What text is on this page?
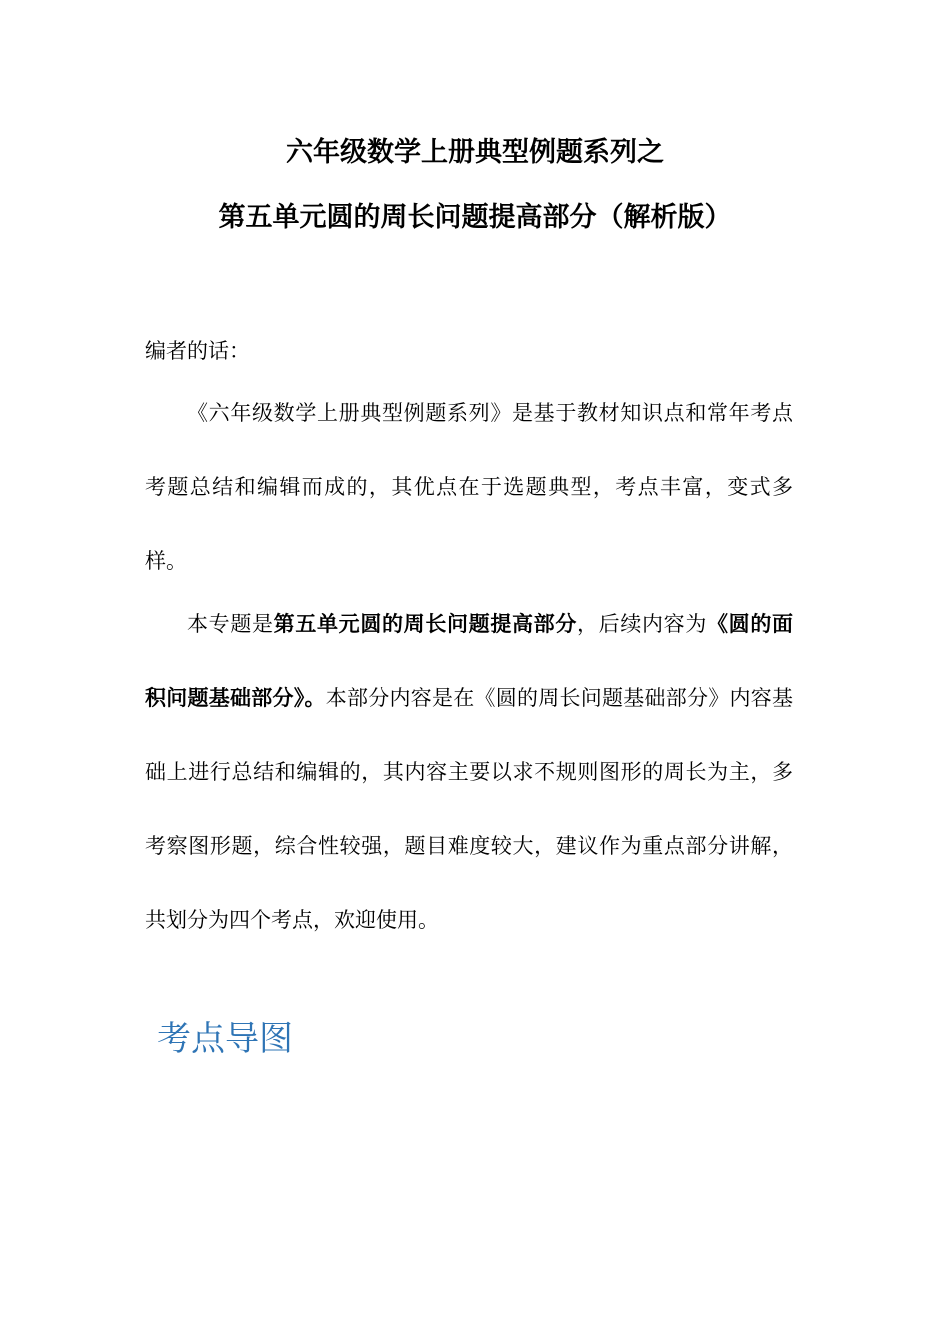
六年级数学上册典型例题系列之
第五单元圆的周长问题提高部分（解析版）
编者的话：

《六年级数学上册典型例题系列》是基于教材知识点和常年考点考题总结和编辑而成的，其优点在于选题典型，考点丰富，变式多样。

本专题是第五单元圆的周长问题提高部分，后续内容为《圆的面积问题基础部分》。本部分内容是在《圆的周长问题基础部分》内容基础上进行总结和编辑的，其内容主要以求不规则图形的周长为主，多考察图形题，综合性较强，题目难度较大，建议作为重点部分讲解，共划分为四个考点，欢迎使用。

考点导图
